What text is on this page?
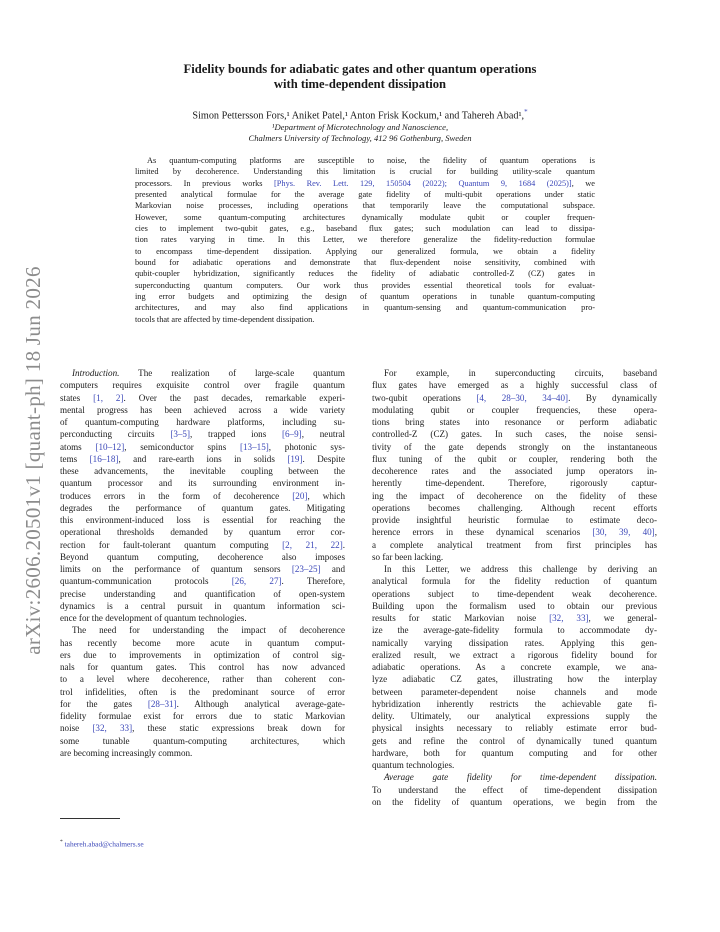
arXiv:2606.20501v1 [quant-ph] 18 Jun 2026
Fidelity bounds for adiabatic gates and other quantum operations
with time-dependent dissipation
Simon Pettersson Fors,¹ Aniket Patel,¹ Anton Frisk Kockum,¹ and Tahereh Abad¹,*
¹Department of Microtechnology and Nanoscience,
Chalmers University of Technology, 412 96 Gothenburg, Sweden
As quantum-computing platforms are susceptible to noise, the fidelity of quantum operations is
limited by decoherence. Understanding this limitation is crucial for building utility-scale quantum
processors. In previous works [Phys. Rev. Lett. 129, 150504 (2022); Quantum 9, 1684 (2025)], we
presented analytical formulae for the average gate fidelity of multi-qubit operations under static
Markovian noise processes, including operations that temporarily leave the computational subspace.
However, some quantum-computing architectures dynamically modulate qubit or coupler frequen-
cies to implement two-qubit gates, e.g., baseband flux gates; such modulation can lead to dissipa-
tion rates varying in time. In this Letter, we therefore generalize the fidelity-reduction formulae
to encompass time-dependent dissipation. Applying our generalized formula, we obtain a fidelity
bound for adiabatic operations and demonstrate that flux-dependent noise sensitivity, combined with
qubit-coupler hybridization, significantly reduces the fidelity of adiabatic controlled-Z (CZ) gates in
superconducting quantum computers. Our work thus provides essential theoretical tools for evaluat-
ing error budgets and optimizing the design of quantum operations in tunable quantum-computing
architectures, and may also find applications in quantum-sensing and quantum-communication pro-
tocols that are affected by time-dependent dissipation.
Introduction. The realization of large-scale quantum
computers requires exquisite control over fragile quantum
states [1, 2]. Over the past decades, remarkable experi-
mental progress has been achieved across a wide variety
of quantum-computing hardware platforms, including su-
perconducting circuits [3–5], trapped ions [6–9], neutral
atoms [10–12], semiconductor spins [13–15], photonic sys-
tems [16–18], and rare-earth ions in solids [19]. Despite
these advancements, the inevitable coupling between the
quantum processor and its surrounding environment in-
troduces errors in the form of decoherence [20], which
degrades the performance of quantum gates. Mitigating
this environment-induced loss is essential for reaching the
operational thresholds demanded by quantum error cor-
rection for fault-tolerant quantum computing [2, 21, 22].
Beyond quantum computing, decoherence also imposes
limits on the performance of quantum sensors [23–25] and
quantum-communication protocols [26, 27]. Therefore,
precise understanding and quantification of open-system
dynamics is a central pursuit in quantum information sci-
ence for the development of quantum technologies.
The need for understanding the impact of decoherence
has recently become more acute in quantum comput-
ers due to improvements in optimization of control sig-
nals for quantum gates. This control has now advanced
to a level where decoherence, rather than coherent con-
trol infidelities, often is the predominant source of error
for the gates [28–31]. Although analytical average-gate-
fidelity formulae exist for errors due to static Markovian
noise [32, 33], these static expressions break down for
some tunable quantum-computing architectures, which
are becoming increasingly common.
For example, in superconducting circuits, baseband
flux gates have emerged as a highly successful class of
two-qubit operations [4, 28–30, 34–40]. By dynamically
modulating qubit or coupler frequencies, these opera-
tions bring states into resonance or perform adiabatic
controlled-Z (CZ) gates. In such cases, the noise sensi-
tivity of the gate depends strongly on the instantaneous
flux tuning of the qubit or coupler, rendering both the
decoherence rates and the associated jump operators in-
herently time-dependent. Therefore, rigorously captur-
ing the impact of decoherence on the fidelity of these
operations becomes challenging. Although recent efforts
provide insightful heuristic formulae to estimate deco-
herence errors in these dynamical scenarios [30, 39, 40],
a complete analytical treatment from first principles has
so far been lacking.
In this Letter, we address this challenge by deriving an
analytical formula for the fidelity reduction of quantum
operations subject to time-dependent weak decoherence.
Building upon the formalism used to obtain our previous
results for static Markovian noise [32, 33], we general-
ize the average-gate-fidelity formula to accommodate dy-
namically varying dissipation rates. Applying this gen-
eralized result, we extract a rigorous fidelity bound for
adiabatic operations. As a concrete example, we ana-
lyze adiabatic CZ gates, illustrating how the interplay
between parameter-dependent noise channels and mode
hybridization inherently restricts the achievable gate fi-
delity. Ultimately, our analytical expressions supply the
physical insights necessary to reliably estimate error bud-
gets and refine the control of dynamically tuned quantum
hardware, both for quantum computing and for other
quantum technologies.
Average gate fidelity for time-dependent dissipation.
To understand the effect of time-dependent dissipation
on the fidelity of quantum operations, we begin from the
* tahereh.abad@chalmers.se
